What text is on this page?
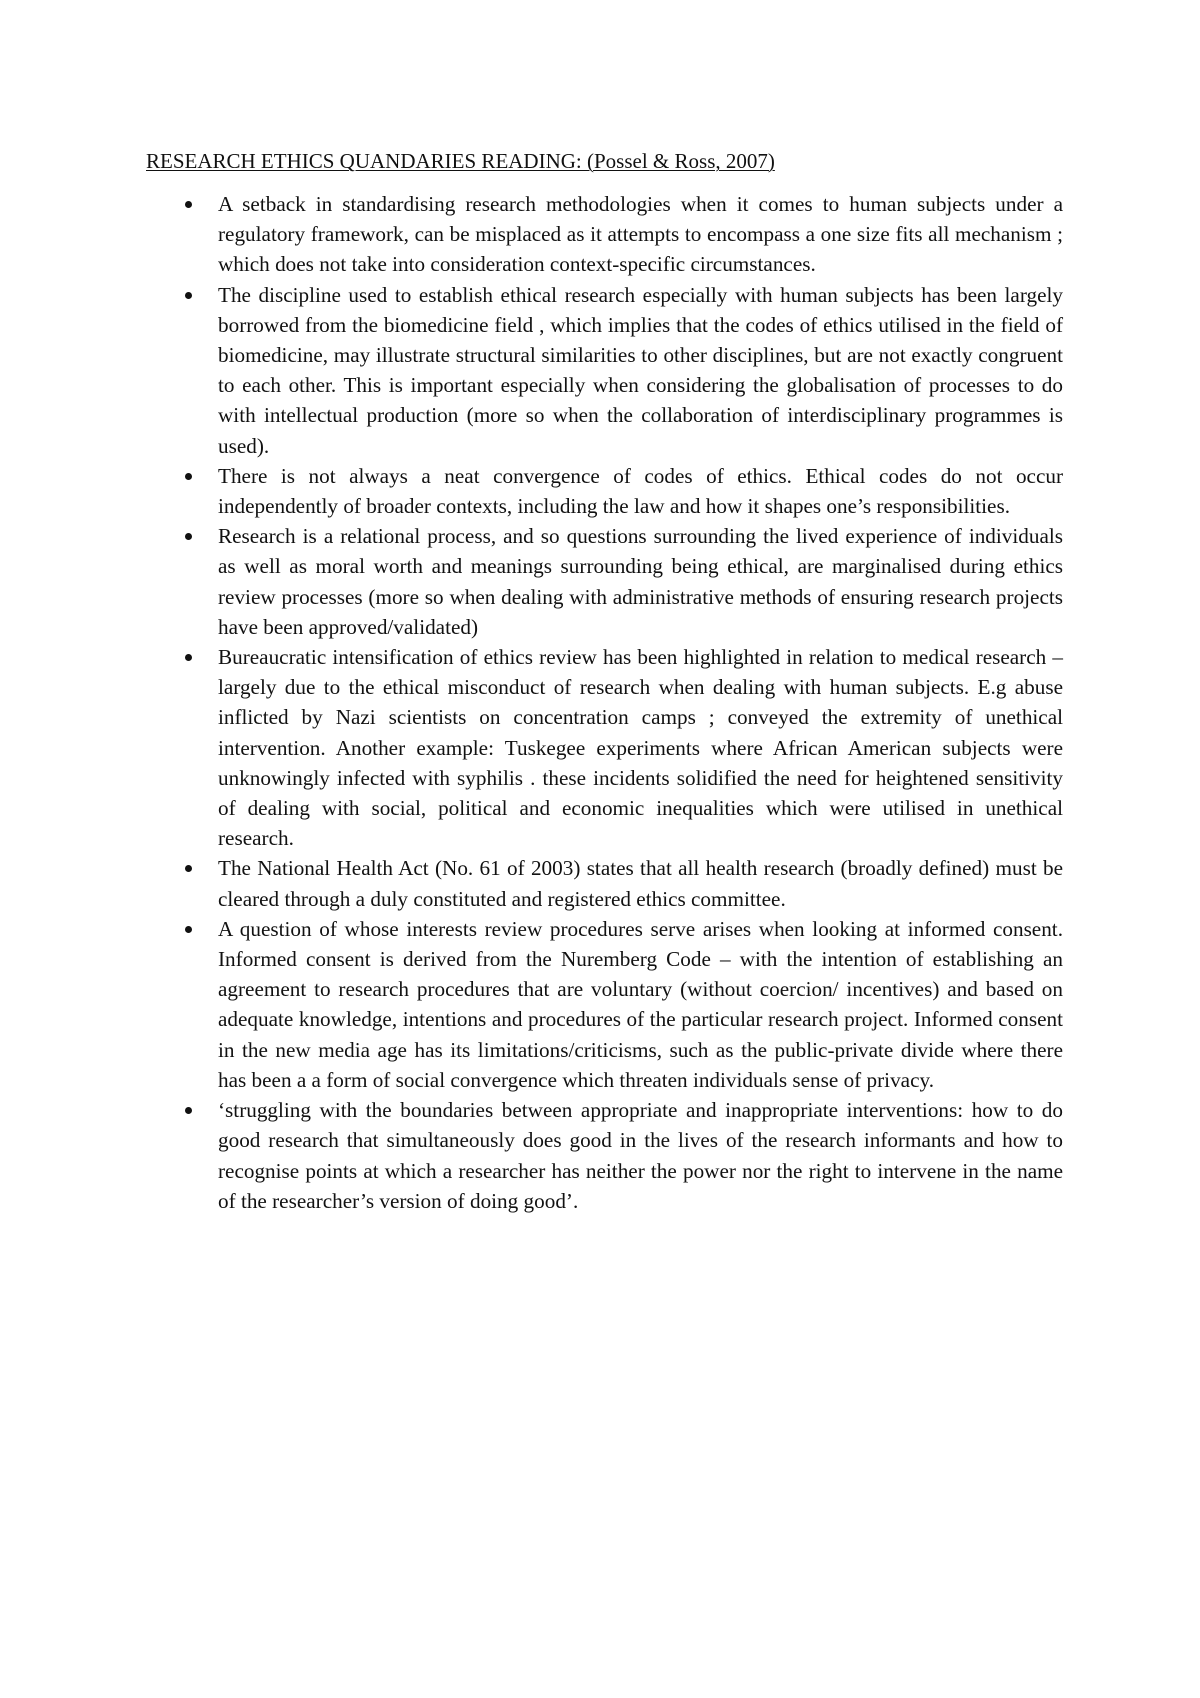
RESEARCH ETHICS QUANDARIES READING: (Possel & Ross, 2007)
A setback in standardising research methodologies when it comes to human subjects under a regulatory framework, can be misplaced as it attempts to encompass a one size fits all mechanism ; which does not take into consideration context-specific circumstances.
The discipline used to establish ethical research especially with human subjects has been largely borrowed from the biomedicine field , which implies that the codes of ethics utilised in the field of biomedicine, may illustrate structural similarities to other disciplines, but are not exactly congruent to each other. This is important especially when considering the globalisation of processes to do with intellectual production (more so when the collaboration of interdisciplinary programmes is used).
There is not always a neat convergence of codes of ethics. Ethical codes do not occur independently of broader contexts, including the law and how it shapes one’s responsibilities.
Research is a relational process, and so questions surrounding the lived experience of individuals as well as moral worth and meanings surrounding being ethical, are marginalised during ethics review processes (more so when dealing with administrative methods of ensuring research projects have been approved/validated)
Bureaucratic intensification of ethics review has been highlighted in relation to medical research – largely due to the ethical misconduct of research when dealing with human subjects. E.g abuse inflicted by Nazi scientists on concentration camps ; conveyed the extremity of unethical intervention. Another example: Tuskegee experiments where African American subjects were unknowingly infected with syphilis . these incidents solidified the need for heightened sensitivity of dealing with social, political and economic inequalities which were utilised in unethical research.
The National Health Act (No. 61 of 2003) states that all health research (broadly defined) must be cleared through a duly constituted and registered ethics committee.
A question of whose interests review procedures serve arises when looking at informed consent. Informed consent is derived from the Nuremberg Code – with the intention of establishing an agreement to research procedures that are voluntary (without coercion/ incentives) and based on adequate knowledge, intentions and procedures of the particular research project. Informed consent in the new media age has its limitations/criticisms, such as the public-private divide where there has been a a form of social convergence which threaten individuals sense of privacy.
‘struggling with the boundaries between appropriate and inappropriate interventions: how to do good research that simultaneously does good in the lives of the research informants and how to recognise points at which a researcher has neither the power nor the right to intervene in the name of the researcher’s version of doing good’.
